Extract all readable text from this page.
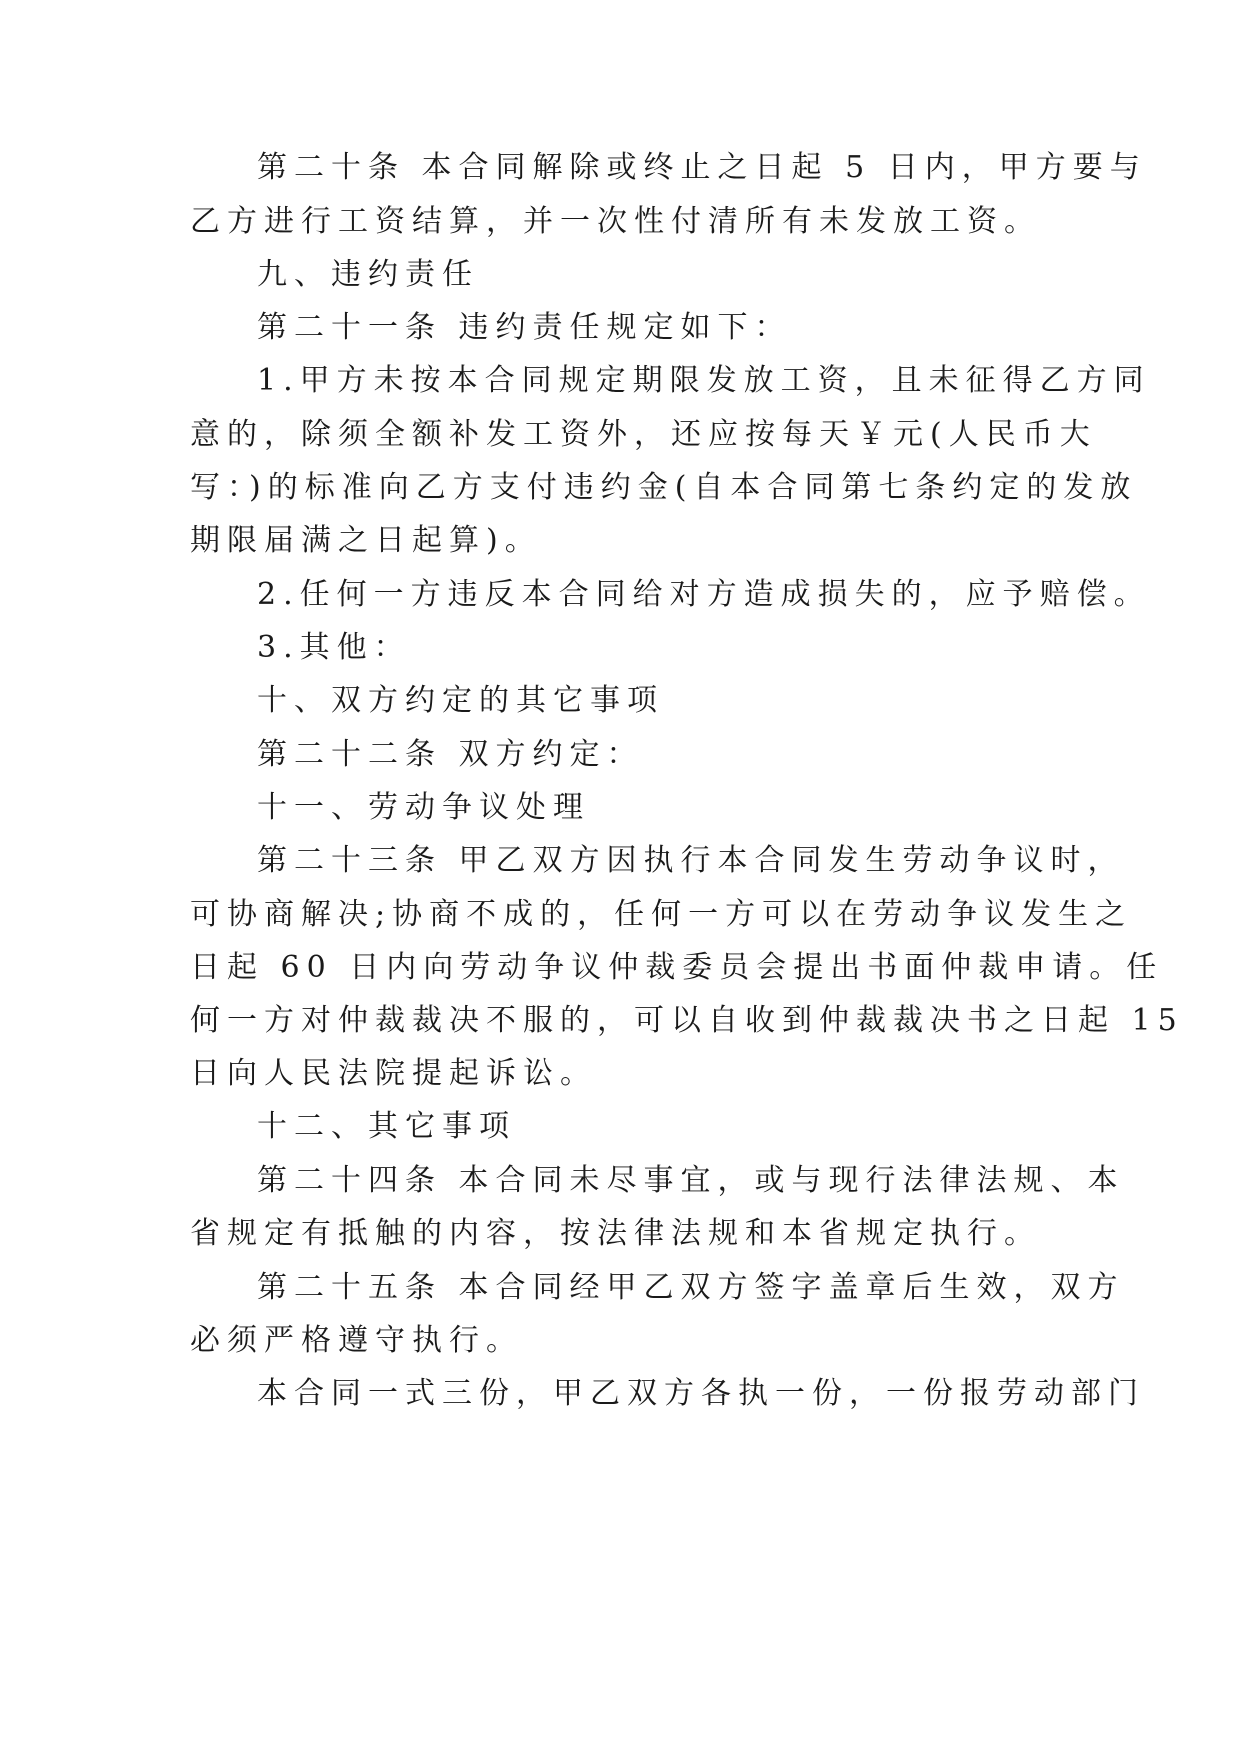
第二十条 本合同解除或终止之日起 5 日内，甲方要与

乙方进行工资结算，并一次性付清所有未发放工资。

九、违约责任

第二十一条 违约责任规定如下：

1.甲方未按本合同规定期限发放工资，且未征得乙方同

意的，除须全额补发工资外，还应按每天￥元(人民币大

写：)的标准向乙方支付违约金(自本合同第七条约定的发放

期限届满之日起算)。

2.任何一方违反本合同给对方造成损失的，应予赔偿。

3.其他：

十、双方约定的其它事项

第二十二条 双方约定：

十一、劳动争议处理

第二十三条 甲乙双方因执行本合同发生劳动争议时，

可协商解决;协商不成的，任何一方可以在劳动争议发生之

日起 60 日内向劳动争议仲裁委员会提出书面仲裁申请。任

何一方对仲裁裁决不服的，可以自收到仲裁裁决书之日起 15

日向人民法院提起诉讼。

十二、其它事项

第二十四条 本合同未尽事宜，或与现行法律法规、本

省规定有抵触的内容，按法律法规和本省规定执行。

第二十五条 本合同经甲乙双方签字盖章后生效，双方

必须严格遵守执行。

本合同一式三份，甲乙双方各执一份，一份报劳动部门
